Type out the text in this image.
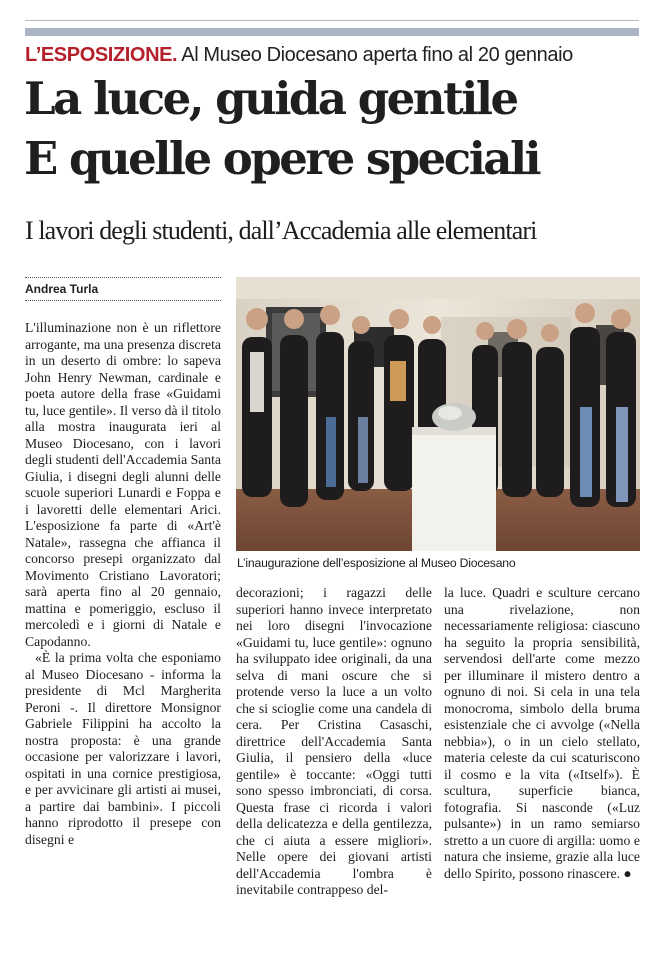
L’ESPOSIZIONE. Al Museo Diocesano aperta fino al 20 gennaio
La luce, guida gentile
E quelle opere speciali
I lavori degli studenti, dall’Accademia alle elementari
Andrea Turla

L'illuminazione non è un riflettore arrogante, ma una presenza discreta in un deserto di ombre: lo sapeva John Henry Newman, cardinale e poeta autore della frase «Guidami tu, luce gentile». Il verso dà il titolo alla mostra inaugurata ieri al Museo Diocesano, con i lavori degli studenti dell'Accademia Santa Giulia, i disegni degli alunni delle scuole superiori Lunardi e Foppa e i lavoretti delle elementari Arici. L'esposizione fa parte di «Art'è Natale», rassegna che affianca il concorso presepi organizzato dal Movimento Cristiano Lavoratori; sarà aperta fino al 20 gennaio, mattina e pomeriggio, escluso il mercoledì e i giorni di Natale e Capodanno.

«È la prima volta che esponiamo al Museo Diocesano - informa la presidente di Mcl Margherita Peroni -. Il direttore Monsignor Gabriele Filippini ha accolto la nostra proposta: è una grande occasione per valorizzare i lavori, ospitati in una cornice prestigiosa, e per avvicinare gli artisti ai musei, a partire dai bambini». I piccoli hanno riprodotto il presepe con disegni e

L’inaugurazione dell’esposizione al Museo Diocesano

decorazioni; i ragazzi delle superiori hanno invece interpretato nei loro disegni l'invocazione «Guidami tu, luce gentile»: ognuno ha sviluppato idee originali, da una selva di mani oscure che si protende verso la luce a un volto che si scioglie come una candela di cera. Per Cristina Casaschi, direttrice dell'Accademia Santa Giulia, il pensiero della «luce gentile» è toccante: «Oggi tutti sono spesso imbronciati, di corsa. Questa frase ci ricorda i valori della delicatezza e della gentilezza, che ci aiuta a essere migliori». Nelle opere dei giovani artisti dell'Accademia l'ombra è inevitabile contrappeso del-

la luce. Quadri e sculture cercano una rivelazione, non necessariamente religiosa: ciascuno ha seguito la propria sensibilità, servendosi dell'arte come mezzo per illuminare il mistero dentro a ognuno di noi. Si cela in una tela monocroma, simbolo della bruma esistenziale che ci avvolge («Nella nebbia»), o in un cielo stellato, materia celeste da cui scaturiscono il cosmo e la vita («Itself»). È scultura, superficie bianca, fotografia. Si nasconde («Luz pulsante») in un ramo semiarso stretto a un cuore di argilla: uomo e natura che insieme, grazie alla luce dello Spirito, possono rinascere. ●
